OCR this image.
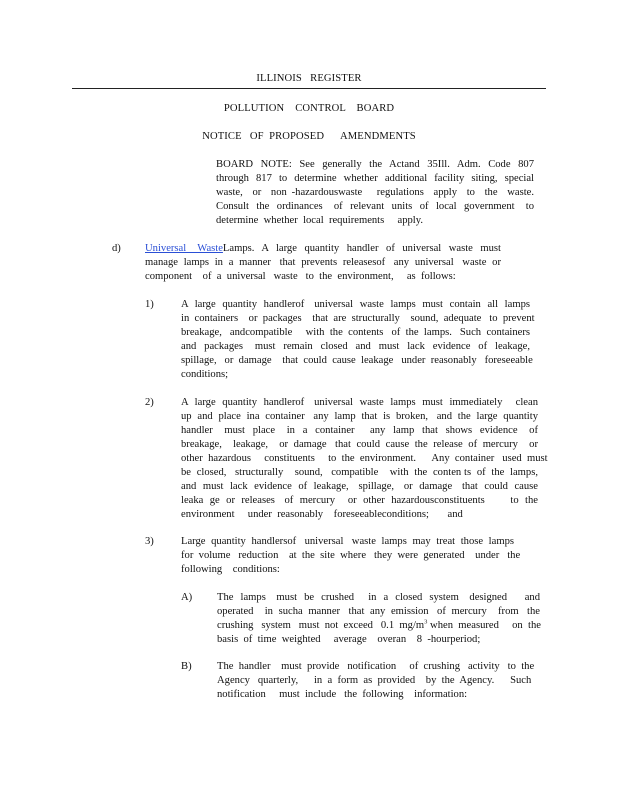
ILLINOIS   REGISTER
POLLUTION    CONTROL    BOARD
NOTICE   OF  PROPOSED      AMENDMENTS
BOARD  NOTE:  See  generally  the  Actand  35Ill.  Adm.  Code  807
through  817  to  determine  whether  additional  facility  siting,  special
waste,  or  non -hazardouswaste   regulations  apply  to  the  waste.
Consult  the  ordinances   of  relevant  units  of  local  government   to
determine  whether  local  requirements     apply.
d) Universal   WasteLamps.  A  large  quantity  handler  of  universal  waste  must
manage  lamps  in  a  manner   that  prevents  releasesof   any  universal   waste  or
component    of  a  universal   waste   to  the  environment,     as  follows:
1)	A  large  quantity  handlerof   universal  waste  lamps  must  contain  all  lamps
in  containers    or  packages    that  are  structurally    sound,  adequate   to  prevent
breakage,   andcompatible     with  the  contents   of  the  lamps.   Such  containers
and  packages   must  remain  closed  and  must  lack  evidence  of  leakage,
spillage,   or  damage    that  could  cause  leakage   under  reasonably   foreseeable
conditions;
2)	A  large  quantity  handlerof   universal  waste  lamps  must  immediately    clean
up  and  place  ina  container   any  lamp  that  is  broken,   and  the  large  quantity
handler   must  place   in  a  container    any  lamp  that  shows  evidence   of
breakage,    leakage,    or  damage   that  could  cause  the  release  of  mercury    or
other  hazardous     constituents     to  the  environment.      Any  container   used  must
be  closed,   structurally    sound,   compatible    with  the  conten ts  of  the  lamps,
and  must  lack  evidence  of  leakage,   spillage,   or  damage   that  could  cause
leaka  ge  or  releases   of  mercury    or  other  hazardousconstituents        to  the
environment     under  reasonably    foreseeableconditions;       and
3)	Large  quantity  handlersof   universal   waste  lamps  may  treat  those  lamps
for  volume   reduction    at  the  site  where   they  were  generated    under   the
following    conditions:
A) The  lamps   must  be  crushed    in  a  closed  system   designed     and
operated    in  sucha  manner   that  any  emission   of  mercury    from   the
crushing   system   must  not  exceed   0.1  $mg/m^3$ when  measured     on  the
basis  of  time  weighted     average    overan    8  -hourperiod;
B) The  handler    must  provide   notification     of  crushing   activity   to  the
Agency   quarterly,      in  a  form  as  provided    by  the  Agency.      Such
notification     must  include   the  following    information:
